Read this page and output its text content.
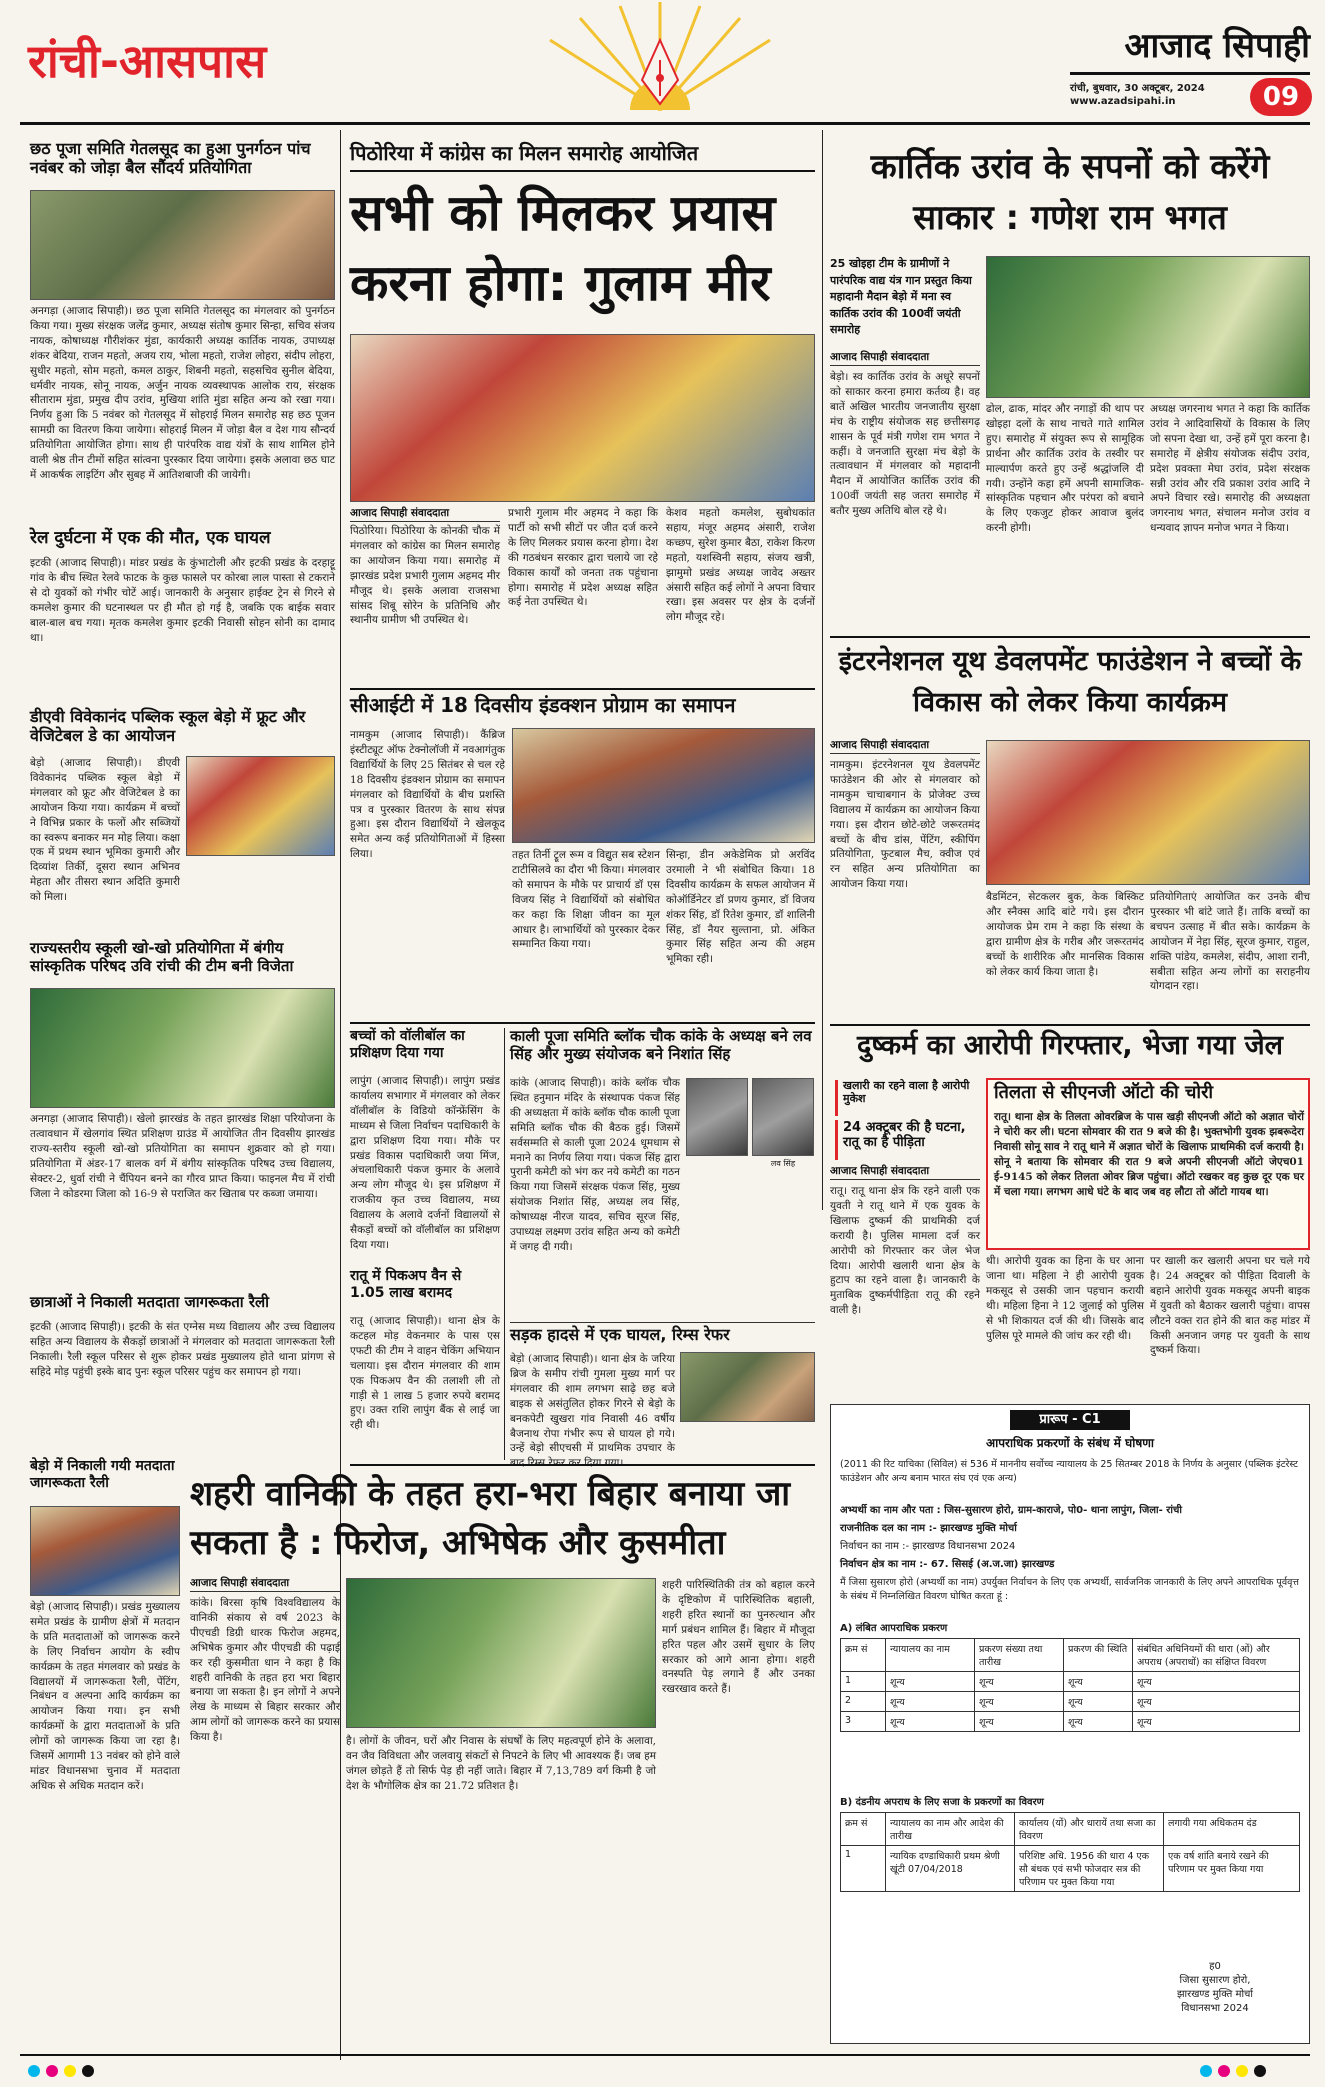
रांची-आसपास	आजाद सिपाही
रांची, बुधवार, 30 अक्टूबर, 2024
www.azadsipahi.in	09
छठ पूजा समिति गेतलसूद का हुआ पुनर्गठन पांच नवंबर को जोड़ा बैल सौंदर्य प्रतियोगिता
अनगड़ा (आजाद सिपाही)। छठ पूजा समिति गेतलसूद का मंगलवार को पुनर्गठन किया गया। मुख्य संरक्षक जलेंद्र कुमार, अध्यक्ष संतोष कुमार सिन्हा, सचिव संजय नायक, कोषाध्यक्ष गौरीशंकर मुंडा, कार्यकारी अध्यक्ष कार्तिक नायक, उपाध्यक्ष शंकर बेदिया, राजन महतो, अजय राय, भोला महतो, राजेश लोहरा, संदीप लोहरा, सुधीर महतो, सोम महतो, कमल ठाकुर, शिबनी महतो, सहसचिव सुनील बेदिया, धर्मवीर नायक, सोनू नायक, अर्जुन नायक व्यवस्थापक आलोक राय, संरक्षक सीताराम मुंडा, प्रमुख दीप उरांव, मुखिया शांति मुंडा सहित अन्य को रखा गया। निर्णय हुआ कि 5 नवंबर को गेतलसूद में सोहराई मिलन समारोह सह छठ पूजन सामग्री का वितरण किया जायेगा। सोहराई मिलन में जोड़ा बैल व देश गाय सौन्दर्य प्रतियोगिता आयोजित होगा। साथ ही पारंपरिक वाद्य यंत्रों के साथ शामिल होने वाली श्रेष्ठ तीन टीमों सहित सांत्वना पुरस्कार दिया जायेगा। इसके अलावा छठ घाट में आकर्षक लाइटिंग और सुबह में आतिशबाजी की जायेगी।
रेल दुर्घटना में एक की मौत, एक घायल
इटकी (आजाद सिपाही)। मांडर प्रखंड के कुंभाटोली और इटकी प्रखंड के दरहाट्टू गांव के बीच स्थित रेलवे फाटक के कुछ फासले पर कोरबा लाल पास्ता से टकराने से दो युवकों को गंभीर चोटें आई। जानकारी के अनुसार हाईक्ट ट्रेन से गिरने से कमलेश कुमार की घटनास्थल पर ही मौत हो गई है, जबकि एक बाईक सवार बाल-बाल बच गया। मृतक कमलेश कुमार इटकी निवासी सोहन सोनी का दामाद था।
डीएवी विवेकानंद पब्लिक स्कूल बेड़ो में फ्रूट और वेजिटेबल डे का आयोजन
बेड़ो (आजाद सिपाही)। डीएवी विवेकानंद पब्लिक स्कूल बेड़ो में मंगलवार को फ्रूट और वेजिटेबल डे का आयोजन किया गया। कार्यक्रम में बच्चों ने विभिन्न प्रकार के फलों और सब्जियों का स्वरूप बनाकर मन मोह लिया। कक्षा एक में प्रथम स्थान भूमिका कुमारी और दिव्यांश तिर्की, दूसरा स्थान अभिनव मेहता और तीसरा स्थान अदिति कुमारी को मिला।
राज्यस्तरीय स्कूली खो-खो प्रतियोगिता में बंगीय सांस्कृतिक परिषद उवि रांची की टीम बनी विजेता
अनगड़ा (आजाद सिपाही)। खेलो झारखंड के तहत झारखंड शिक्षा परियोजना के तत्वावधान में खेलगांव स्थित प्रशिक्षण ग्राउंड में आयोजित तीन दिवसीय झारखंड राज्य-स्तरीय स्कूली खो-खो प्रतियोगिता का समापन शुक्रवार को हो गया। प्रतियोगिता में अंडर-17 बालक वर्ग में बंगीय सांस्कृतिक परिषद उच्च विद्यालय, सेक्टर-2, धुर्वा रांची ने चैंपियन बनने का गौरव प्राप्त किया। फाइनल मैच में रांची जिला ने कोडरमा जिला को 16-9 से पराजित कर खिताब पर कब्जा जमाया।
छात्राओं ने निकाली मतदाता जागरूकता रैली
इटकी (आजाद सिपाही)। इटकी के संत एग्नेस मध्य विद्यालय और उच्च विद्यालय सहित अन्य विद्यालय के सैकड़ों छात्राओं ने मंगलवार को मतदाता जागरूकता रैली निकाली। रैली स्कूल परिसर से शुरू होकर प्रखंड मुख्यालय होते थाना प्रांगण से सहिदे मोड़ पहुंची इस्के बाद पुनः स्कूल परिसर पहुंच कर समापन हो गया।
बेड़ो में निकाली गयी मतदाता जागरूकता रैली
बेड़ो (आजाद सिपाही)। प्रखंड मुख्यालय समेत प्रखंड के ग्रामीण क्षेत्रों में मतदान के प्रति मतदाताओं को जागरूक करने के लिए निर्वाचन आयोग के स्वीप कार्यक्रम के तहत मंगलवार को प्रखंड के विद्यालयों में जागरूकता रैली, पेंटिंग, निबंधन व अल्पना आदि कार्यक्रम का आयोजन किया गया। इन सभी कार्यक्रमों के द्वारा मतदाताओं के प्रति लोगों को जागरूक किया जा रहा है। जिसमें आगामी 13 नवंबर को होने वाले मांडर विधानसभा चुनाव में मतदाता अधिक से अधिक मतदान करें।
पिठोरिया में कांग्रेस का मिलन समारोह आयोजित
सभी को मिलकर प्रयास करना होगा: गुलाम मीर
आजाद सिपाही संवाददाता
पिठोरिया। पिठोरिया के कोनकी चौक में मंगलवार को कांग्रेस का मिलन समारोह का आयोजन किया गया। समारोह में झारखंड प्रदेश प्रभारी गुलाम अहमद मीर मौजूद थे। इसके अलावा राजसभा सांसद शिबू सोरेन के प्रतिनिधि और स्थानीय ग्रामीण भी उपस्थित थे।
प्रभारी गुलाम मीर अहमद ने कहा कि पार्टी को सभी सीटों पर जीत दर्ज करने के लिए मिलकर प्रयास करना होगा। देश की गठबंधन सरकार द्वारा चलाये जा रहे विकास कार्यों को जनता तक पहुंचाना होगा। समारोह में प्रदेश अध्यक्ष सहित कई नेता उपस्थित थे।
केशव महतो कमलेश, सुबोधकांत सहाय, मंजूर अहमद अंसारी, राजेश कच्छप, सुरेश कुमार बैठा, राकेश किरण महतो, यशस्विनी सहाय, संजय खत्री, झामुमो प्रखंड अध्यक्ष जावेद अख्तर अंसारी सहित कई लोगों ने अपना विचार रखा। इस अवसर पर क्षेत्र के दर्जनों लोग मौजूद रहे।
सीआईटी में 18 दिवसीय इंडक्शन प्रोग्राम का समापन
नामकुम (आजाद सिपाही)। कैंब्रिज इंस्टीट्यूट ऑफ टेक्नोलॉजी में नवआगंतुक विद्यार्थियों के लिए 25 सितंबर से चल रहे 18 दिवसीय इंडक्शन प्रोग्राम का समापन मंगलवार को विद्यार्थियों के बीच प्रशस्ति पत्र व पुरस्कार वितरण के साथ संपन्न हुआ। इस दौरान विद्यार्थियों ने खेलकूद समेत अन्य कई प्रतियोगिताओं में हिस्सा लिया।	तहत तिर्नी ट्रूल रूम व विद्युत सब स्टेशन टाटीसिलवे का दौरा भी किया। मंगलवार को समापन के मौके पर प्राचार्य डॉ एस विजय सिंह ने विद्यार्थियों को संबोधित कर कहा कि शिक्षा जीवन का मूल आधार है। लाभार्थियों को पुरस्कार देकर सम्मानित किया गया।
सिन्हा, डीन अकेडेमिक प्रो अरविंद उरमाली ने भी संबोधित किया। 18 दिवसीय कार्यक्रम के सफल आयोजन में कोऑर्डिनेटर डॉ प्रणय कुमार, डॉ विजय शंकर सिंह, डॉ रितेश कुमार, डॉ शालिनी सिंह, डॉ नैयर सुल्ताना, प्रो. अंकित कुमार सिंह सहित अन्य की अहम भूमिका रही।
बच्चों को वॉलीबॉल का प्रशिक्षण दिया गया
लापुंग (आजाद सिपाही)। लापुंग प्रखंड कार्यालय सभागार में मंगलवार को लेकर वॉलीबॉल के विडियो कॉन्फ्रेंसिंग के माध्यम से जिला निर्वाचन पदाधिकारी के द्वारा प्रशिक्षण दिया गया। मौके पर प्रखंड विकास पदाधिकारी जया मिंज, अंचलाधिकारी पंकज कुमार के अलावे अन्य लोग मौजूद थे। इस प्रशिक्षण में राजकीय कृत उच्च विद्यालय, मध्य विद्यालय के अलावे दर्जनों विद्यालयों से सैकड़ों बच्चों को वॉलीबॉल का प्रशिक्षण दिया गया।
रातू में पिकअप वैन से 1.05 लाख बरामद
रातू (आजाद सिपाही)। थाना क्षेत्र के कटहल मोड़ वेकनमार के पास एस एफटी की टीम ने वाहन चेकिंग अभियान चलाया। इस दौरान मंगलवार की शाम एक पिकअप वैन की तलाशी ली तो गाड़ी से 1 लाख 5 हजार रुपये बरामद हुए। उक्त राशि लापुंग बैंक से लाई जा रही थी।
काली पूजा समिति ब्लॉक चौक कांके के अध्यक्ष बने लव सिंह और मुख्य संयोजक बने निशांत सिंह
कांके (आजाद सिपाही)। कांके ब्लॉक चौक स्थित हनुमान मंदिर के संस्थापक पंकज सिंह की अध्यक्षता में कांके ब्लॉक चौक काली पूजा समिति ब्लॉक चौक की बैठक हुई। जिसमें सर्वसम्मति से काली पूजा 2024 धूमधाम से मनाने का निर्णय लिया गया। पंकज सिंह द्वारा पुरानी कमेटी को भंग कर नये कमेटी का गठन किया गया जिसमें संरक्षक पंकज सिंह, मुख्य संयोजक निशांत सिंह, अध्यक्ष लव सिंह, कोषाध्यक्ष नीरज यादव, सचिव सूरज सिंह, उपाध्यक्ष लक्ष्मण उरांव सहित अन्य को कमेटी में जगह दी गयी।
लव सिंह
सड़क हादसे में एक घायल, रिम्स रेफर
बेड़ो (आजाद सिपाही)। थाना क्षेत्र के जरिया ब्रिज के समीप रांची गुमला मुख्य मार्ग पर मंगलवार की शाम लगभग साढ़े छह बजे बाइक से असंतुलित होकर गिरने से बेड़ो के बनकपेटी खुखरा गांव निवासी 46 वर्षीय बैजनाथ रोपा गंभीर रूप से घायल हो गये। उन्हें बेड़ो सीएचसी में प्राथमिक उपचार के
कार्तिक उरांव के सपनों को करेंगे साकार : गणेश राम भगत
25 खोइहा टीम के ग्रामीणों ने पारंपरिक वाद्य यंत्र गान प्रस्तुत किया महादानी मैदान बेड़ो में मना स्व कार्तिक उरांव की 100वीं जयंती समारोह
आजाद सिपाही संवाददाता
बेड़ो। स्व कार्तिक उरांव के अधूरे सपनों को साकार करना हमारा कर्तव्य है। वह बातें अखिल भारतीय जनजातीय सुरक्षा मंच के राष्ट्रीय संयोजक सह छत्तीसगढ़ शासन के पूर्व मंत्री गणेश राम भगत ने कहीं। वे जनजाति सुरक्षा मंच बेड़ो के तत्वावधान में मंगलवार को महादानी मैदान में आयोजित कार्तिक उरांव की 100वीं जयंती सह जतरा समारोह में बतौर मुख्य अतिथि बोल रहे थे।
ढोल, ढाक, मांदर और नगाड़ों की थाप पर खोइहा दलों के साथ नाचते गाते शामिल हुए। समारोह में संयुक्त रूप से सामूहिक प्रार्थना और कार्तिक उरांव के तस्वीर पर माल्यार्पण करते हुए उन्हें श्रद्धांजलि दी गयी। उन्होंने कहा हमें अपनी सामाजिक-सांस्कृतिक पहचान और परंपरा को बचाने के लिए एकजुट होकर आवाज बुलंद करनी होगी।
अध्यक्ष जगरनाथ भगत ने कहा कि कार्तिक उरांव ने आदिवासियों के विकास के लिए जो सपना देखा था, उन्हें हमें पूरा करना है। समारोह में क्षेत्रीय संयोजक संदीप उरांव, प्रदेश प्रवक्ता मेघा उरांव, प्रदेश संरक्षक सन्नी उरांव और रवि प्रकाश उरांव आदि ने अपने विचार रखे। समारोह की अध्यक्षता जगरनाथ भगत, संचालन मनोज उरांव व धन्यवाद ज्ञापन मनोज भगत ने किया।
इंटरनेशनल यूथ डेवलपमेंट फाउंडेशन ने बच्चों के विकास को लेकर किया कार्यक्रम
आजाद सिपाही संवाददाता
नामकुम। इंटरनेशनल यूथ डेवलपमेंट फाउंडेशन की ओर से मंगलवार को नामकुम चाचाबगान के प्रोजेक्ट उच्च विद्यालय में कार्यक्रम का आयोजन किया गया। इस दौरान छोटे-छोटे जरूरतमंद बच्चों के बीच डांस, पेंटिंग, स्कीपिंग प्रतियोगिता, फुटबाल मैच, क्वीज एवं रन सहित अन्य प्रतियोगिता का आयोजन किया गया।
बैडमिंटन, सेटकलर बुक, केक बिस्किट और स्नैक्स आदि बांटे गये। इस दौरान आयोजक प्रेम राम ने कहा कि संस्था के द्वारा ग्रामीण क्षेत्र के गरीब और जरूरतमंद बच्चों के शारीरिक और मानसिक विकास को लेकर कार्य किया जाता है।
प्रतियोगिताएं आयोजित कर उनके बीच पुरस्कार भी बांटे जाते हैं। ताकि बच्चों का बचपन उत्साह में बीत सके। कार्यक्रम के आयोजन में नेहा सिंह, सूरज कुमार, राहुल, शक्ति पांडेय, कमलेश, संदीप, आशा रानी, सबीता सहित अन्य लोगों का सराहनीय योगदान रहा।
दुष्कर्म का आरोपी गिरफ्तार, भेजा गया जेल
खलारी का रहने वाला है आरोपी मुकेश
24 अक्टूबर की है घटना, रातू का है पीड़िता
आजाद सिपाही संवाददाता
रातू। रातू थाना क्षेत्र कि रहने वाली एक युवती ने रातू थाने में एक युवक के खिलाफ दुष्कर्म की प्राथमिकी दर्ज करायी है। पुलिस मामला दर्ज कर आरोपी को गिरफ्तार कर जेल भेज दिया। आरोपी खलारी थाना क्षेत्र के हुटाप का रहने वाला है। जानकारी के मुताबिक दुष्कर्मपीड़िता रातू की रहने वाली है।
थी। आरोपी युवक का हिना के घर आना जाना था। महिला ने ही आरोपी युवक मकसूद से उसकी जान पहचान करायी थी। महिला हिना ने 12 जुलाई को पुलिस से भी शिकायत दर्ज की थी। जिसके बाद पुलिस पूरे मामले की जांच कर रही थी।
तिलता से सीएनजी ऑटो की चोरी
रातू। थाना क्षेत्र के तिलता ओवरब्रिज के पास खड़ी सीएनजी ऑटो को अज्ञात चोरों ने चोरी कर ली। घटना सोमवार की रात 9 बजे की है। भुक्तभोगी युवक झबरूदेरा निवासी सोनू साव ने रातू थाने में अज्ञात चोरों के खिलाफ प्राथमिकी दर्ज करायी है। सोनू ने बताया कि सोमवार की रात 9 बजे अपनी सीएनजी ऑटो जेएच01 ई-9145 को लेकर तिलता ओवर ब्रिज पहुंचा। ऑटो रखकर वह कुछ दूर एक घर में चला गया। लगभग आधे घंटे के बाद जब वह लौटा तो ऑटो गायब था।
पर खाली कर खलारी अपना घर चले गये है। 24 अक्टूबर को पीड़िता दिवाली के बहाने आरोपी युवक मकसूद अपनी बाइक में युवती को बैठाकर खलारी पहुंचा। वापस लौटने वक्त रात होने की बात कह मांडर में किसी अनजान जगह पर युवती के साथ दुष्कर्म किया।
प्रारूप - C1
आपराधिक प्रकरणों के संबंध में घोषणा
(2011 की रिट याचिका (सिविल) सं 536 में माननीय सर्वोच्च न्यायालय के 25 सितम्बर 2018 के निर्णय के अनुसार (पब्लिक इंटरेस्ट फाउंडेशन और अन्य बनाम भारत संघ एवं एक अन्य)
अभ्यर्थी का नाम और पता : जिस-सुसारण होरो, ग्राम-काराजे, पो0- थाना लापुंग, जिला- रांची
राजनीतिक दल का नाम :- झारखण्ड मुक्ति मोर्चा
निर्वाचन का नाम :- झारखण्ड विधानसभा 2024
निर्वाचन क्षेत्र का नाम :- 67. सिसई (अ.ज.जा) झारखण्ड
मैं जिसा सुसारण होरो (अभ्यर्थी का नाम) उपर्युक्त निर्वाचन के लिए एक अभ्यर्थी, सार्वजनिक जानकारी के लिए अपने आपराधिक पूर्ववृत्त के संबंध में निम्नलिखित विवरण घोषित करता हूं :
A) लंबित आपराधिक प्रकरण
क्रम सं	न्यायालय का नाम	प्रकरण संख्या तथा तारीख	प्रकरण की स्थिति	संबंधित अधिनियमों की धारा (ओं) और अपराध (अपराधों) का संक्षिप्त विवरण
1	शून्य	शून्य	शून्य	शून्य
2	शून्य	शून्य	शून्य	शून्य
3	शून्य	शून्य	शून्य	शून्य
B) दंडनीय अपराध के लिए सजा के प्रकरणों का विवरण
क्रम सं	न्यायालय का नाम और आदेश की तारीख	कार्यालय (यों) और धारायें तथा सजा का विवरण	लगायी गया अधिकतम दंड
1	न्यायिक दण्डाधिकारी प्रथम श्रेणी खूंटी 07/04/2018	परिशिष्ट अधि. 1956 की धारा 4 एक सौ बंधक एवं सभी फोजदार सत्र की परिणाम पर मुक्त किया गया	एक वर्ष शांति बनाये रखने की परिणाम पर मुक्त किया गया
ह0
जिसा सुसारण होरो,
झारखण्ड मुक्ति मोर्चा
विधानसभा 2024
शहरी वानिकी के तहत हरा-भरा बिहार बनाया जा सकता है : फिरोज, अभिषेक और कुसमीता
आजाद सिपाही संवाददाता
कांके। बिरसा कृषि विश्वविद्यालय के वानिकी संकाय से वर्ष 2023 के पीएचडी डिग्री धारक फिरोज अहमद, अभिषेक कुमार और पीएचडी की पढ़ाई कर रही कुसमीता धान ने कहा है कि शहरी वानिकी के तहत हरा भरा बिहार बनाया जा सकता है। इन लोगों ने अपने लेख के माध्यम से बिहार सरकार और आम लोगों को जागरूक करने का प्रयास किया है।	है। लोगों के जीवन, घरों और निवास के संघर्षों के लिए महत्वपूर्ण होने के अलावा, वन जैव विविधता और जलवायु संकटों से निपटने के लिए भी आवश्यक हैं। जब हम जंगल छोड़ते हैं तो सिर्फ पेड़ ही नहीं जाते। बिहार में 7,13,789 वर्ग किमी है जो देश के भौगोलिक क्षेत्र का 21.72 प्रतिशत है।
शहरी पारिस्थितिकी तंत्र को बहाल करने के दृष्टिकोण में पारिस्थितिक बहाली, शहरी हरित स्थानों का पुनरुत्थान और मार्ग प्रबंधन शामिल हैं। बिहार में मौजूदा हरित पहल और उसमें सुधार के लिए सरकार को आगे आना होगा। शहरी वनस्पति पेड़ लगाने हैं और उनका रखरखाव करते हैं।
